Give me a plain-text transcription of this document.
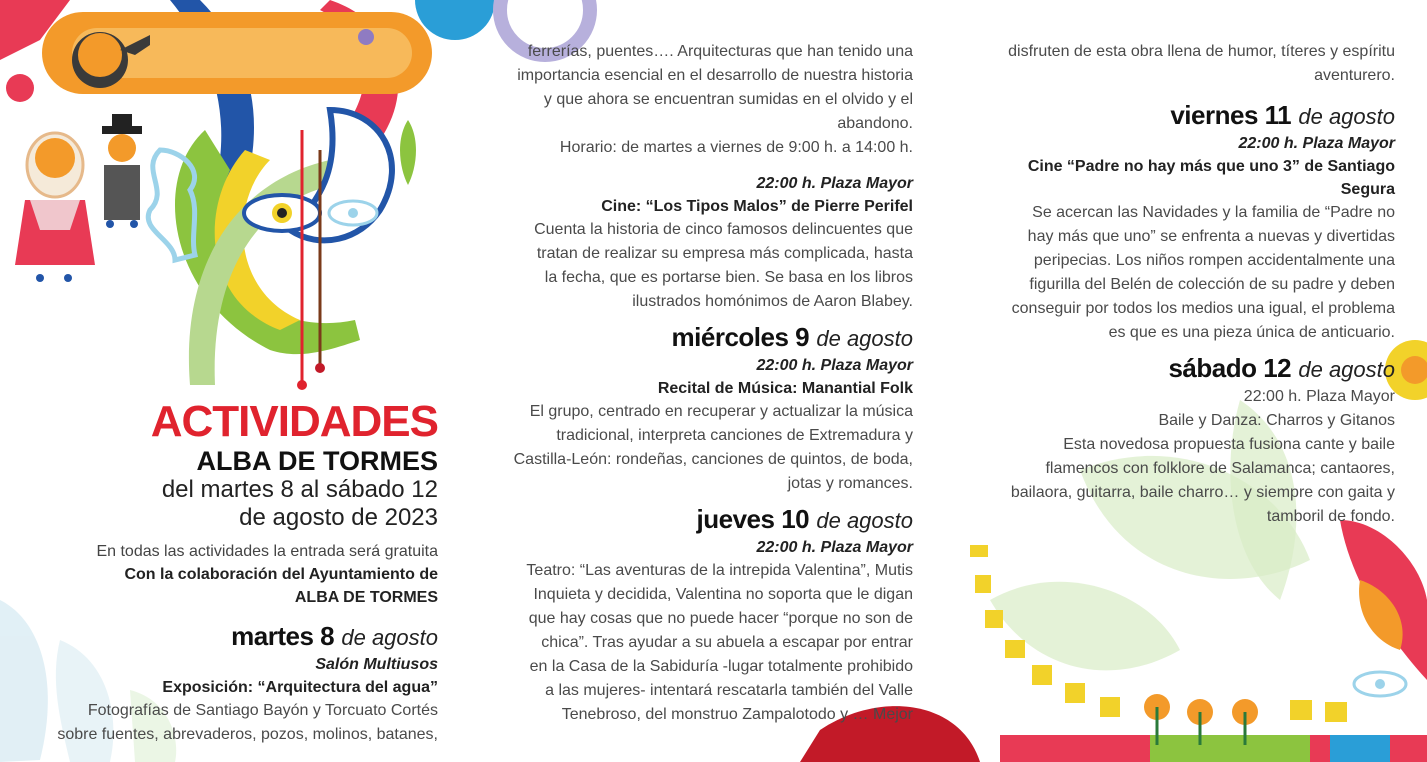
ACTIVIDADES
ALBA DE TORMES
del martes 8 al sábado 12
de agosto de 2023
En todas las actividades la entrada será gratuita
Con la colaboración del Ayuntamiento de
ALBA DE TORMES
martes 8 de agosto
Salón Multiusos
Exposición: “Arquitectura del agua”
Fotografías de Santiago Bayón y Torcuato Cortés
sobre fuentes, abrevaderos, pozos, molinos, batanes,
ferrerías, puentes…. Arquitecturas que han tenido una
importancia esencial en el desarrollo de nuestra historia
y que ahora se encuentran sumidas en el olvido y el
abandono.
Horario: de martes a viernes de 9:00 h. a 14:00 h.
22:00 h. Plaza Mayor
Cine: “Los Tipos Malos” de Pierre Perifel
Cuenta la historia de cinco famosos delincuentes que
tratan de realizar su empresa más complicada, hasta
la fecha, que es portarse bien. Se basa en los libros
ilustrados homónimos de Aaron Blabey.
miércoles 9 de agosto
22:00 h. Plaza Mayor
Recital de Música: Manantial Folk
El grupo, centrado en recuperar y actualizar la música
tradicional, interpreta canciones de Extremadura y
Castilla-León: rondeñas, canciones de quintos, de boda,
jotas y romances.
jueves 10 de agosto
22:00 h. Plaza Mayor
Teatro: “Las aventuras de la intrepida Valentina”, Mutis
Inquieta y decidida, Valentina no soporta que le digan
que hay cosas que no puede hacer “porque no son de
chica”. Tras ayudar a su abuela a escapar por entrar
en la Casa de la Sabiduría -lugar totalmente prohibido
a las mujeres- intentará rescatarla también del Valle
Tenebroso, del monstruo Zampalotodo y … Mejor
disfruten de esta obra llena de humor, títeres y espíritu
aventurero.
viernes 11 de agosto
22:00 h. Plaza Mayor
Cine “Padre no hay más que uno 3” de Santiago Segura
Se acercan las Navidades y la familia de “Padre no
hay más que uno” se enfrenta a nuevas y divertidas
peripecias. Los niños rompen accidentalmente una
figurilla del Belén de colección de su padre y deben
conseguir por todos los medios una igual, el problema
es que es una pieza única de anticuario.
sábado 12 de agosto
22:00 h. Plaza Mayor
Baile y Danza: Charros y Gitanos
Esta novedosa propuesta fusiona cante y baile
flamencos con folklore de Salamanca; cantaores,
bailaora, guitarra, baile charro… y siempre con gaita y
tamboril de fondo.
